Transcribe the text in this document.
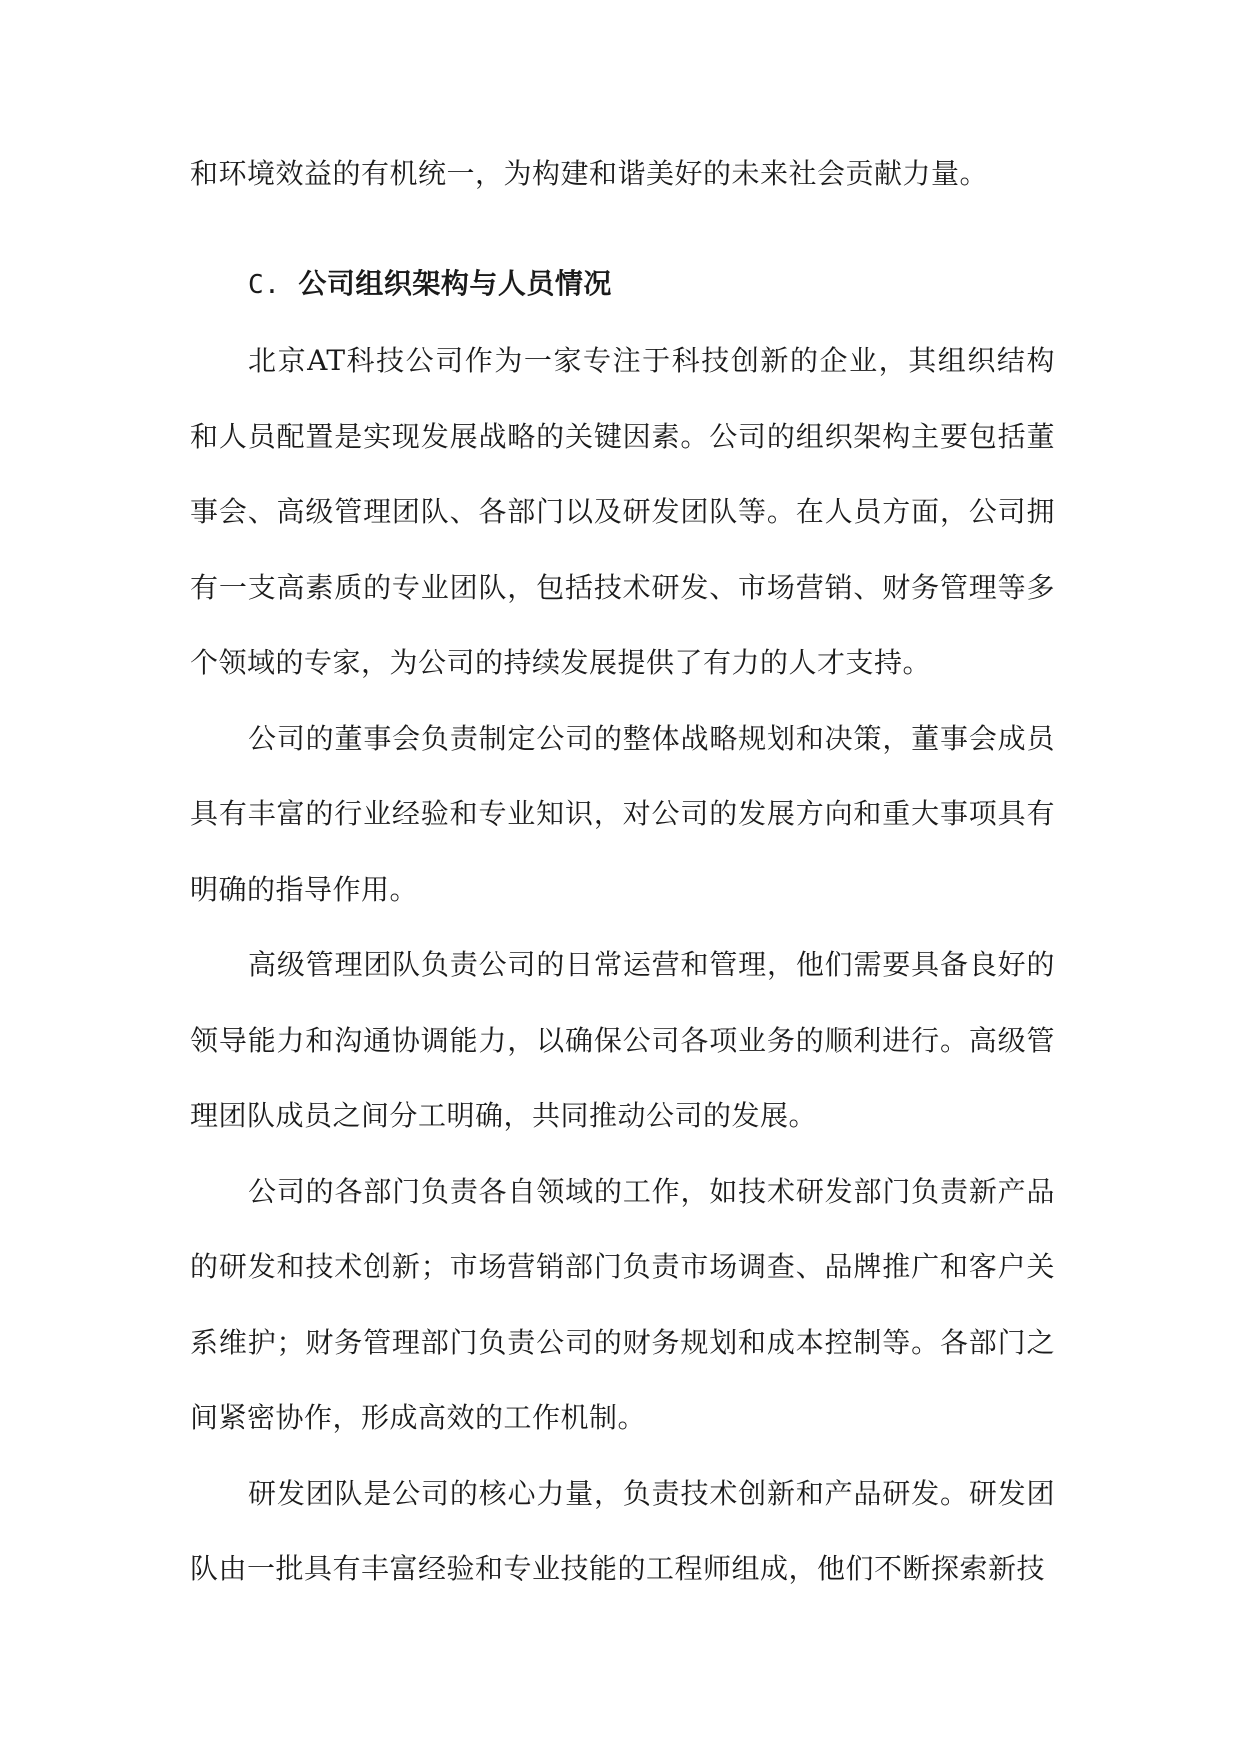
和环境效益的有机统一，为构建和谐美好的未来社会贡献力量。

C. 公司组织架构与人员情况

北京AT科技公司作为一家专注于科技创新的企业，其组织结构和人员配置是实现发展战略的关键因素。公司的组织架构主要包括董事会、高级管理团队、各部门以及研发团队等。在人员方面，公司拥有一支高素质的专业团队，包括技术研发、市场营销、财务管理等多个领域的专家，为公司的持续发展提供了有力的人才支持。

公司的董事会负责制定公司的整体战略规划和决策，董事会成员具有丰富的行业经验和专业知识，对公司的发展方向和重大事项具有明确的指导作用。

高级管理团队负责公司的日常运营和管理，他们需要具备良好的领导能力和沟通协调能力，以确保公司各项业务的顺利进行。高级管理团队成员之间分工明确，共同推动公司的发展。

公司的各部门负责各自领域的工作，如技术研发部门负责新产品的研发和技术创新；市场营销部门负责市场调查、品牌推广和客户关系维护；财务管理部门负责公司的财务规划和成本控制等。各部门之间紧密协作，形成高效的工作机制。

研发团队是公司的核心力量，负责技术创新和产品研发。研发团队由一批具有丰富经验和专业技能的工程师组成，他们不断探索新技
